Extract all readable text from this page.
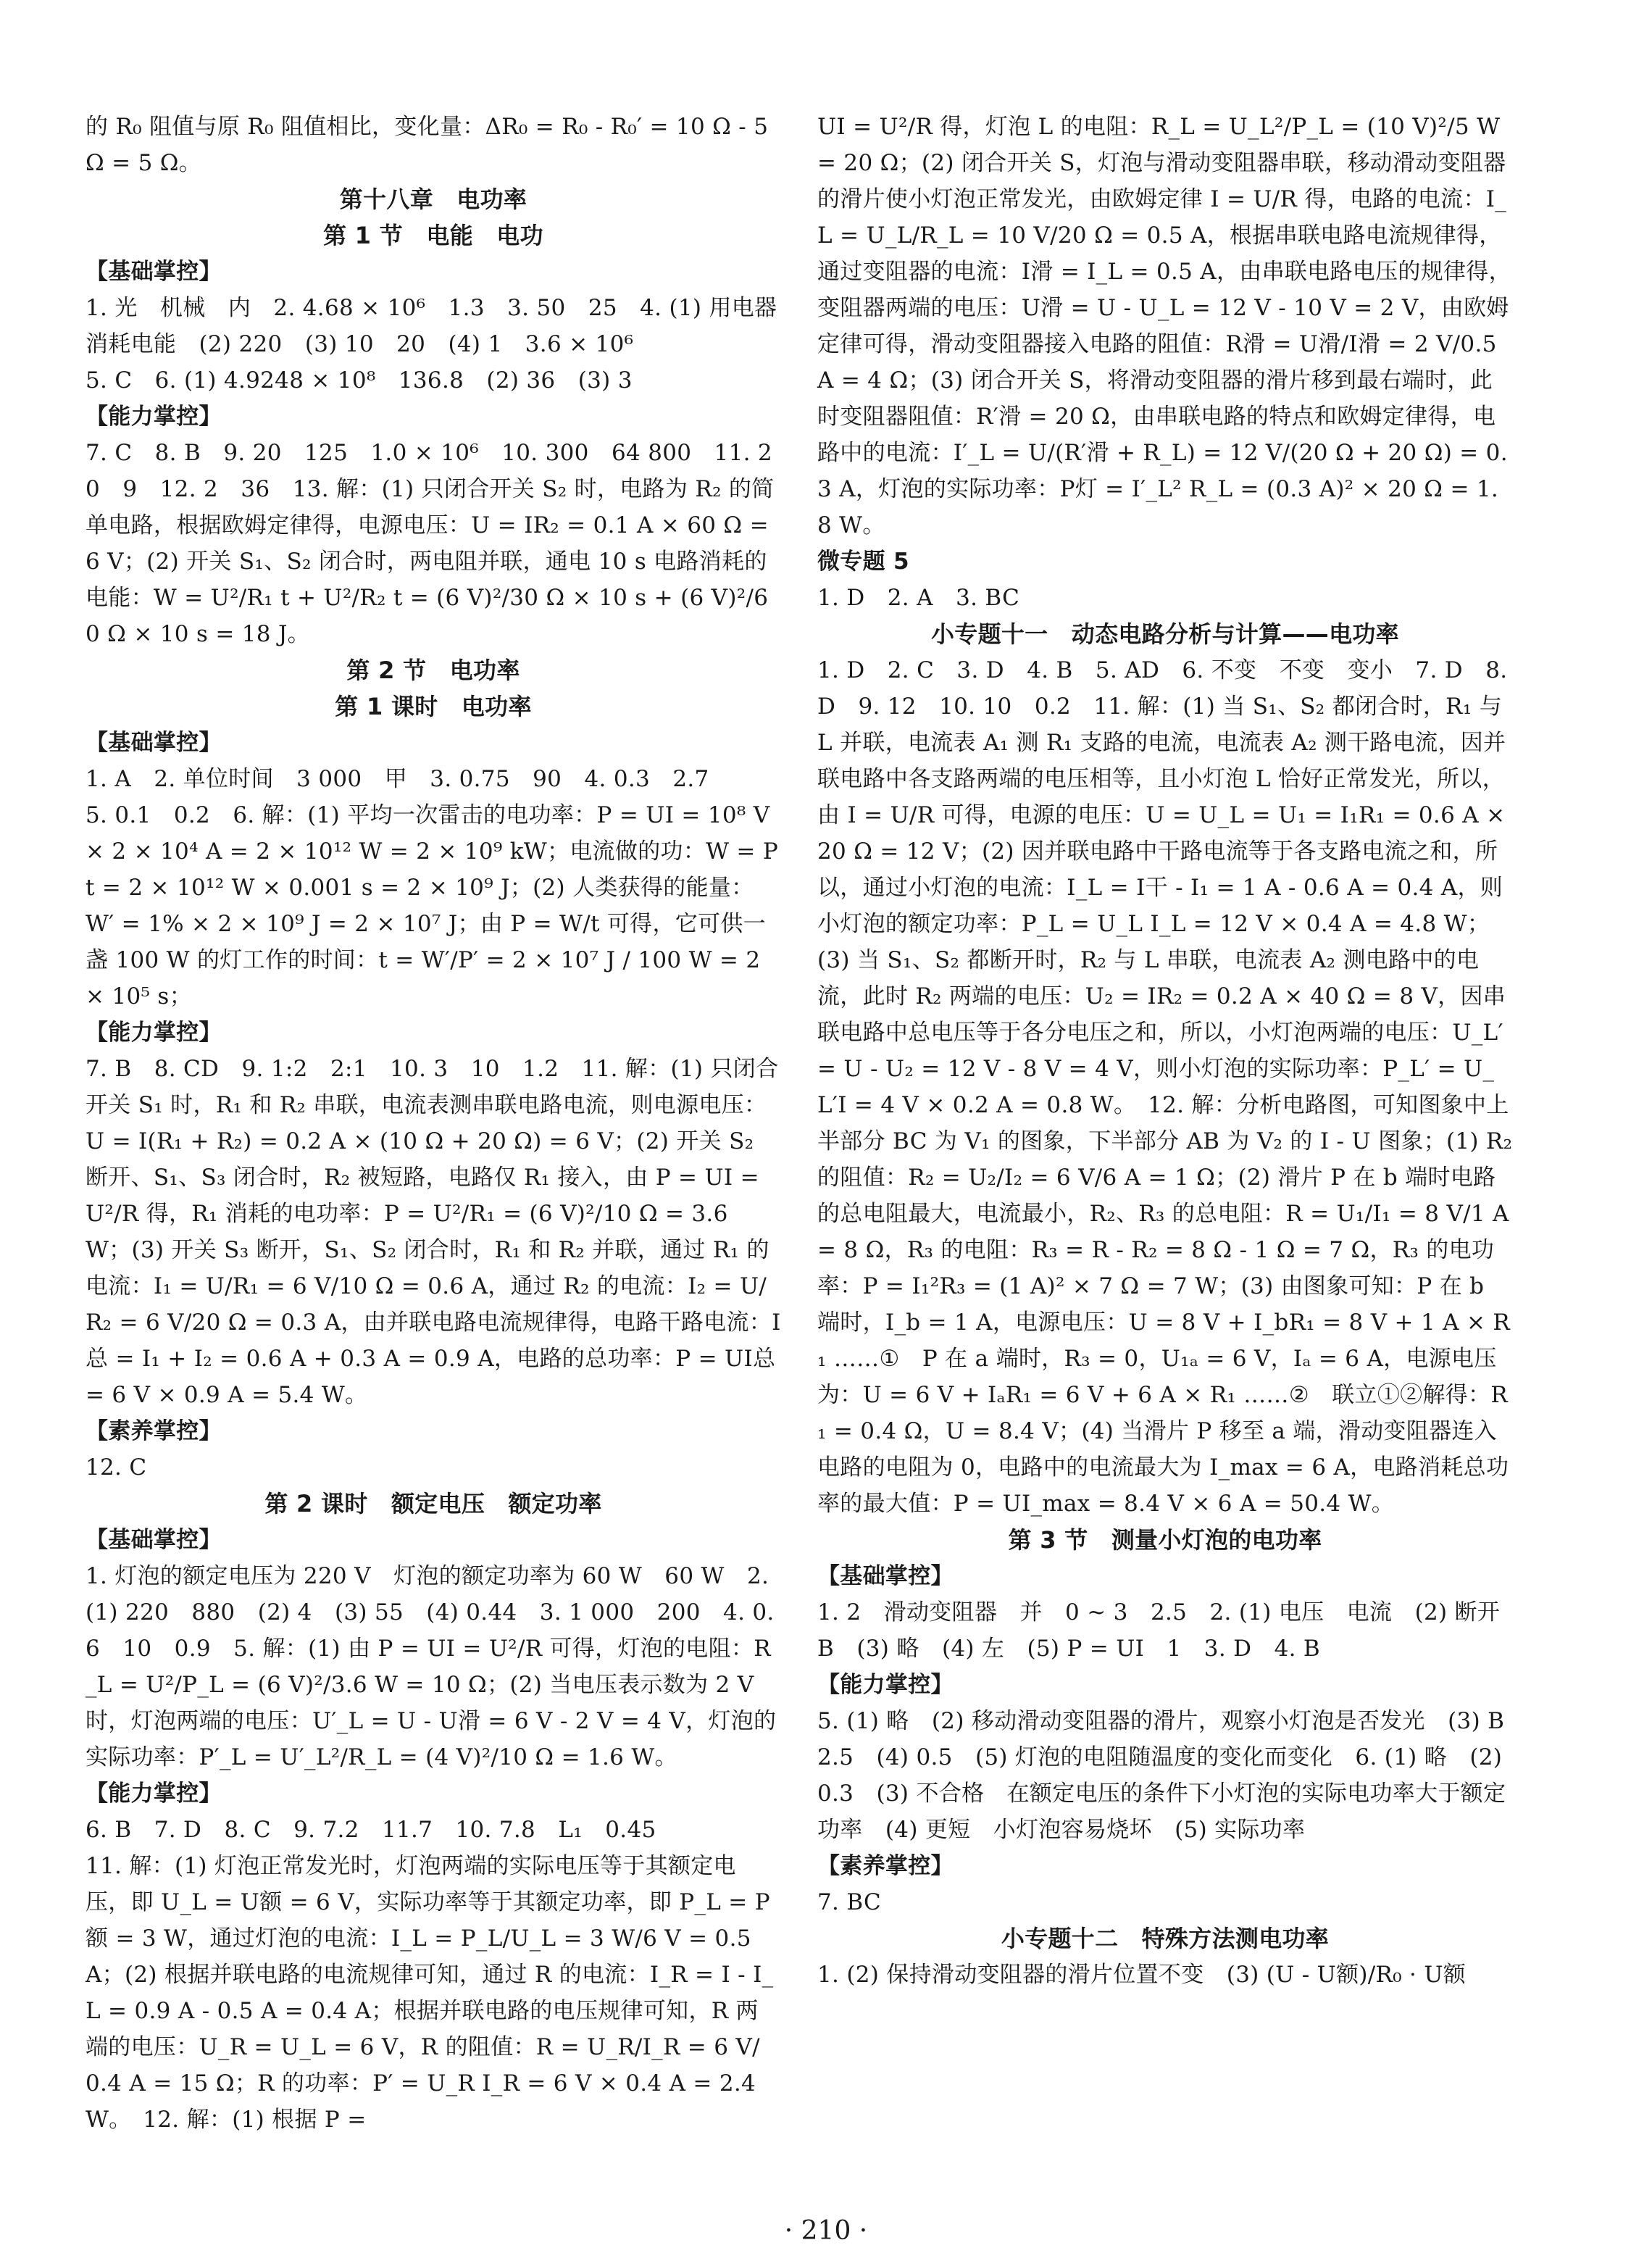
的 R₀ 阻值与原 R₀ 阻值相比，变化量：ΔR₀ = R₀ - R₀′ = 10 Ω - 5 Ω = 5 Ω。
第十八章　电功率
第 1 节　电能　电功
【基础掌控】
1. 光　机械　内　2. 4.68 × 10⁶　1.3　3. 50　25　4. (1) 用电器消耗电能　(2) 220　(3) 10　20　(4) 1　3.6 × 10⁶
5. C　6. (1) 4.9248 × 10⁸　136.8　(2) 36　(3) 3
【能力掌控】
7. C　8. B　9. 20　125　1.0 × 10⁶　10. 300　64 800　11. 20　9　12. 2　36　13. 解：(1) 只闭合开关 S₂ 时，电路为 R₂ 的简单电路，根据欧姆定律得，电源电压：U = IR₂ = 0.1 A × 60 Ω = 6 V；(2) 开关 S₁、S₂ 闭合时，两电阻并联，通电 10 s 电路消耗的电能：W = U²/R₁ t + U²/R₂ t = (6 V)²/30 Ω × 10 s + (6 V)²/60 Ω × 10 s = 18 J。
第 2 节　电功率
第 1 课时　电功率
【基础掌控】
1. A　2. 单位时间　3 000　甲　3. 0.75　90　4. 0.3　2.7
5. 0.1　0.2　6. 解：(1) 平均一次雷击的电功率：P = UI = 10⁸ V × 2 × 10⁴ A = 2 × 10¹² W = 2 × 10⁹ kW；电流做的功：W = Pt = 2 × 10¹² W × 0.001 s = 2 × 10⁹ J；(2) 人类获得的能量：W′ = 1% × 2 × 10⁹ J = 2 × 10⁷ J；由 P = W/t 可得，它可供一盏 100 W 的灯工作的时间：t = W′/P′ = 2 × 10⁷ J / 100 W = 2 × 10⁵ s；
【能力掌控】
7. B　8. CD　9. 1:2　2:1　10. 3　10　1.2　11. 解：(1) 只闭合开关 S₁ 时，R₁ 和 R₂ 串联，电流表测串联电路电流，则电源电压：U = I(R₁ + R₂) = 0.2 A × (10 Ω + 20 Ω) = 6 V；(2) 开关 S₂ 断开、S₁、S₃ 闭合时，R₂ 被短路，电路仅 R₁ 接入，由 P = UI = U²/R 得，R₁ 消耗的电功率：P = U²/R₁ = (6 V)²/10 Ω = 3.6 W；(3) 开关 S₃ 断开，S₁、S₂ 闭合时，R₁ 和 R₂ 并联，通过 R₁ 的电流：I₁ = U/R₁ = 6 V/10 Ω = 0.6 A，通过 R₂ 的电流：I₂ = U/R₂ = 6 V/20 Ω = 0.3 A，由并联电路电流规律得，电路干路电流：I总 = I₁ + I₂ = 0.6 A + 0.3 A = 0.9 A，电路的总功率：P = UI总 = 6 V × 0.9 A = 5.4 W。
【素养掌控】
12. C
第 2 课时　额定电压　额定功率
【基础掌控】
1. 灯泡的额定电压为 220 V　灯泡的额定功率为 60 W　60 W　2. (1) 220　880　(2) 4　(3) 55　(4) 0.44　3. 1 000　200　4. 0.6　10　0.9　5. 解：(1) 由 P = UI = U²/R 可得，灯泡的电阻：R_L = U²/P_L = (6 V)²/3.6 W = 10 Ω；(2) 当电压表示数为 2 V 时，灯泡两端的电压：U′_L = U - U滑 = 6 V - 2 V = 4 V，灯泡的实际功率：P′_L = U′_L²/R_L = (4 V)²/10 Ω = 1.6 W。
【能力掌控】
6. B　7. D　8. C　9. 7.2　11.7　10. 7.8　L₁　0.45
11. 解：(1) 灯泡正常发光时，灯泡两端的实际电压等于其额定电压，即 U_L = U额 = 6 V，实际功率等于其额定功率，即 P_L = P额 = 3 W，通过灯泡的电流：I_L = P_L/U_L = 3 W/6 V = 0.5 A；(2) 根据并联电路的电流规律可知，通过 R 的电流：I_R = I - I_L = 0.9 A - 0.5 A = 0.4 A；根据并联电路的电压规律可知，R 两端的电压：U_R = U_L = 6 V，R 的阻值：R = U_R/I_R = 6 V/0.4 A = 15 Ω；R 的功率：P′ = U_R I_R = 6 V × 0.4 A = 2.4 W。　12. 解：(1) 根据 P =
UI = U²/R 得，灯泡 L 的电阻：R_L = U_L²/P_L = (10 V)²/5 W = 20 Ω；(2) 闭合开关 S，灯泡与滑动变阻器串联，移动滑动变阻器的滑片使小灯泡正常发光，由欧姆定律 I = U/R 得，电路的电流：I_L = U_L/R_L = 10 V/20 Ω = 0.5 A，根据串联电路电流规律得，通过变阻器的电流：I滑 = I_L = 0.5 A，由串联电路电压的规律得，变阻器两端的电压：U滑 = U - U_L = 12 V - 10 V = 2 V，由欧姆定律可得，滑动变阻器接入电路的阻值：R滑 = U滑/I滑 = 2 V/0.5 A = 4 Ω；(3) 闭合开关 S，将滑动变阻器的滑片移到最右端时，此时变阻器阻值：R′滑 = 20 Ω，由串联电路的特点和欧姆定律得，电路中的电流：I′_L = U/(R′滑 + R_L) = 12 V/(20 Ω + 20 Ω) = 0.3 A，灯泡的实际功率：P灯 = I′_L² R_L = (0.3 A)² × 20 Ω = 1.8 W。
微专题 5
1. D　2. A　3. BC
小专题十一　动态电路分析与计算——电功率
1. D　2. C　3. D　4. B　5. AD　6. 不变　不变　变小　7. D　8. D　9. 12　10. 10　0.2　11. 解：(1) 当 S₁、S₂ 都闭合时，R₁ 与 L 并联，电流表 A₁ 测 R₁ 支路的电流，电流表 A₂ 测干路电流，因并联电路中各支路两端的电压相等，且小灯泡 L 恰好正常发光，所以，由 I = U/R 可得，电源的电压：U = U_L = U₁ = I₁R₁ = 0.6 A × 20 Ω = 12 V；(2) 因并联电路中干路电流等于各支路电流之和，所以，通过小灯泡的电流：I_L = I干 - I₁ = 1 A - 0.6 A = 0.4 A，则小灯泡的额定功率：P_L = U_L I_L = 12 V × 0.4 A = 4.8 W；(3) 当 S₁、S₂ 都断开时，R₂ 与 L 串联，电流表 A₂ 测电路中的电流，此时 R₂ 两端的电压：U₂ = IR₂ = 0.2 A × 40 Ω = 8 V，因串联电路中总电压等于各分电压之和，所以，小灯泡两端的电压：U_L′ = U - U₂ = 12 V - 8 V = 4 V，则小灯泡的实际功率：P_L′ = U_L′I = 4 V × 0.2 A = 0.8 W。　12. 解：分析电路图，可知图象中上半部分 BC 为 V₁ 的图象，下半部分 AB 为 V₂ 的 I - U 图象；(1) R₂ 的阻值：R₂ = U₂/I₂ = 6 V/6 A = 1 Ω；(2) 滑片 P 在 b 端时电路的总电阻最大，电流最小，R₂、R₃ 的总电阻：R = U₁/I₁ = 8 V/1 A = 8 Ω，R₃ 的电阻：R₃ = R - R₂ = 8 Ω - 1 Ω = 7 Ω，R₃ 的电功率：P = I₁²R₃ = (1 A)² × 7 Ω = 7 W；(3) 由图象可知：P 在 b 端时，I_b = 1 A，电源电压：U = 8 V + I_bR₁ = 8 V + 1 A × R₁ ……①　P 在 a 端时，R₃ = 0，U₁ₐ = 6 V，Iₐ = 6 A，电源电压为：U = 6 V + IₐR₁ = 6 V + 6 A × R₁ ……②　联立①②解得：R₁ = 0.4 Ω，U = 8.4 V；(4) 当滑片 P 移至 a 端，滑动变阻器连入电路的电阻为 0，电路中的电流最大为 I_max = 6 A，电路消耗总功率的最大值：P = UI_max = 8.4 V × 6 A = 50.4 W。
第 3 节　测量小灯泡的电功率
【基础掌控】
1. 2　滑动变阻器　并　0 ~ 3　2.5　2. (1) 电压　电流　(2) 断开　B　(3) 略　(4) 左　(5) P = UI　1　3. D　4. B
【能力掌控】
5. (1) 略　(2) 移动滑动变阻器的滑片，观察小灯泡是否发光　(3) B　2.5　(4) 0.5　(5) 灯泡的电阻随温度的变化而变化　6. (1) 略　(2) 0.3　(3) 不合格　在额定电压的条件下小灯泡的实际电功率大于额定功率　(4) 更短　小灯泡容易烧坏　(5) 实际功率
【素养掌控】
7. BC
小专题十二　特殊方法测电功率
1. (2) 保持滑动变阻器的滑片位置不变　(3) (U - U额)/R₀ · U额
· 210 ·
